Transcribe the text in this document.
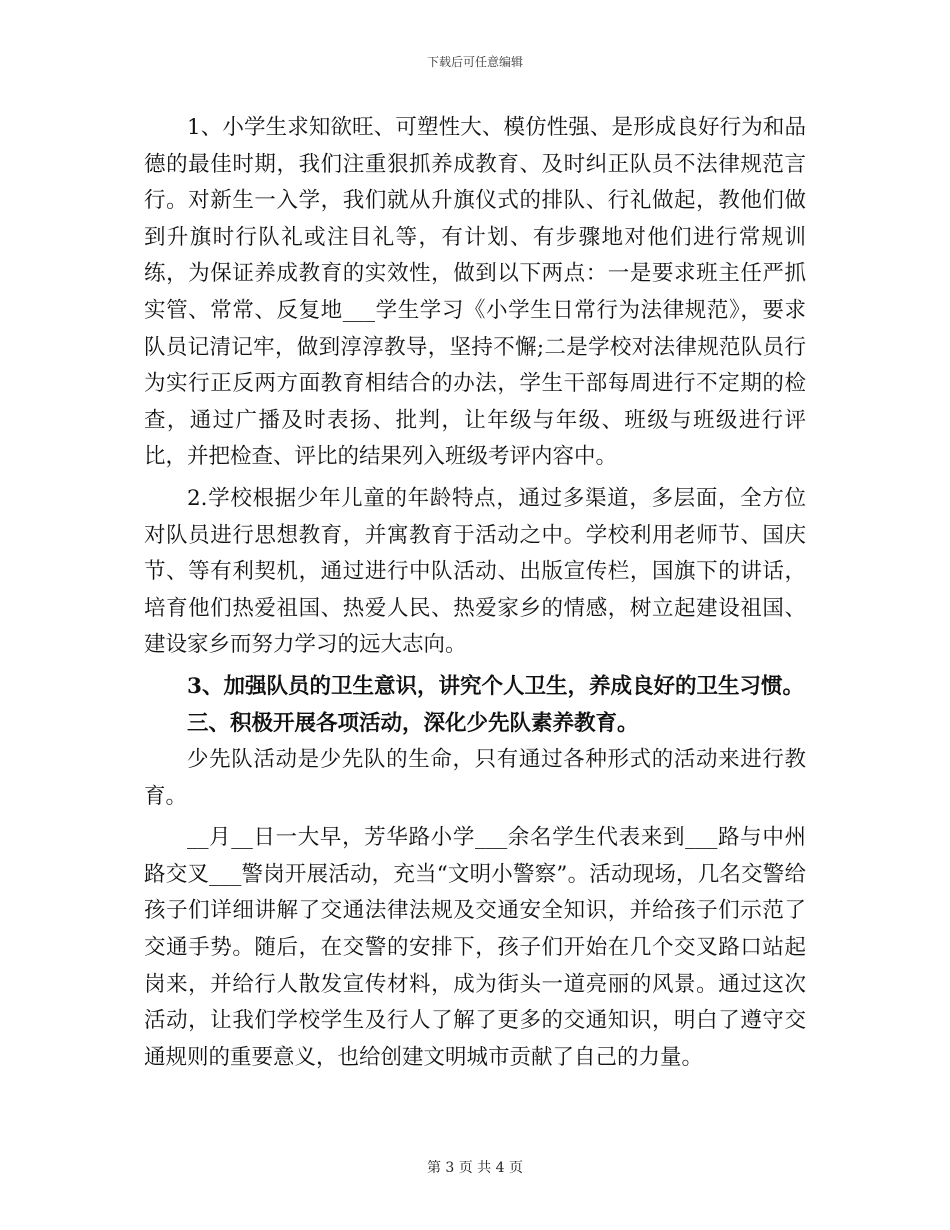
下载后可任意编辑

1、小学生求知欲旺、可塑性大、模仿性强、是形成良好行为和品德的最佳时期，我们注重狠抓养成教育、及时纠正队员不法律规范言行。对新生一入学，我们就从升旗仪式的排队、行礼做起，教他们做到升旗时行队礼或注目礼等，有计划、有步骤地对他们进行常规训练，为保证养成教育的实效性，做到以下两点：一是要求班主任严抓实管、常常、反复地___学生学习《小学生日常行为法律规范》，要求队员记清记牢，做到淳淳教导，坚持不懈;二是学校对法律规范队员行为实行正反两方面教育相结合的办法，学生干部每周进行不定期的检查，通过广播及时表扬、批判，让年级与年级、班级与班级进行评比，并把检查、评比的结果列入班级考评内容中。

2.学校根据少年儿童的年龄特点，通过多渠道，多层面，全方位对队员进行思想教育，并寓教育于活动之中。学校利用老师节、国庆节、等有利契机，通过进行中队活动、出版宣传栏，国旗下的讲话，培育他们热爱祖国、热爱人民、热爱家乡的情感，树立起建设祖国、建设家乡而努力学习的远大志向。

3、加强队员的卫生意识，讲究个人卫生，养成良好的卫生习惯。

三、积极开展各项活动，深化少先队素养教育。

少先队活动是少先队的生命，只有通过各种形式的活动来进行教育。

__月__日一大早，芳华路小学___余名学生代表来到___路与中州路交叉___警岗开展活动，充当“文明小警察”。活动现场，几名交警给孩子们详细讲解了交通法律法规及交通安全知识，并给孩子们示范了交通手势。随后，在交警的安排下，孩子们开始在几个交叉路口站起岗来，并给行人散发宣传材料，成为街头一道亮丽的风景。通过这次活动，让我们学校学生及行人了解了更多的交通知识，明白了遵守交通规则的重要意义，也给创建文明城市贡献了自己的力量。

第 3 页 共 4 页
